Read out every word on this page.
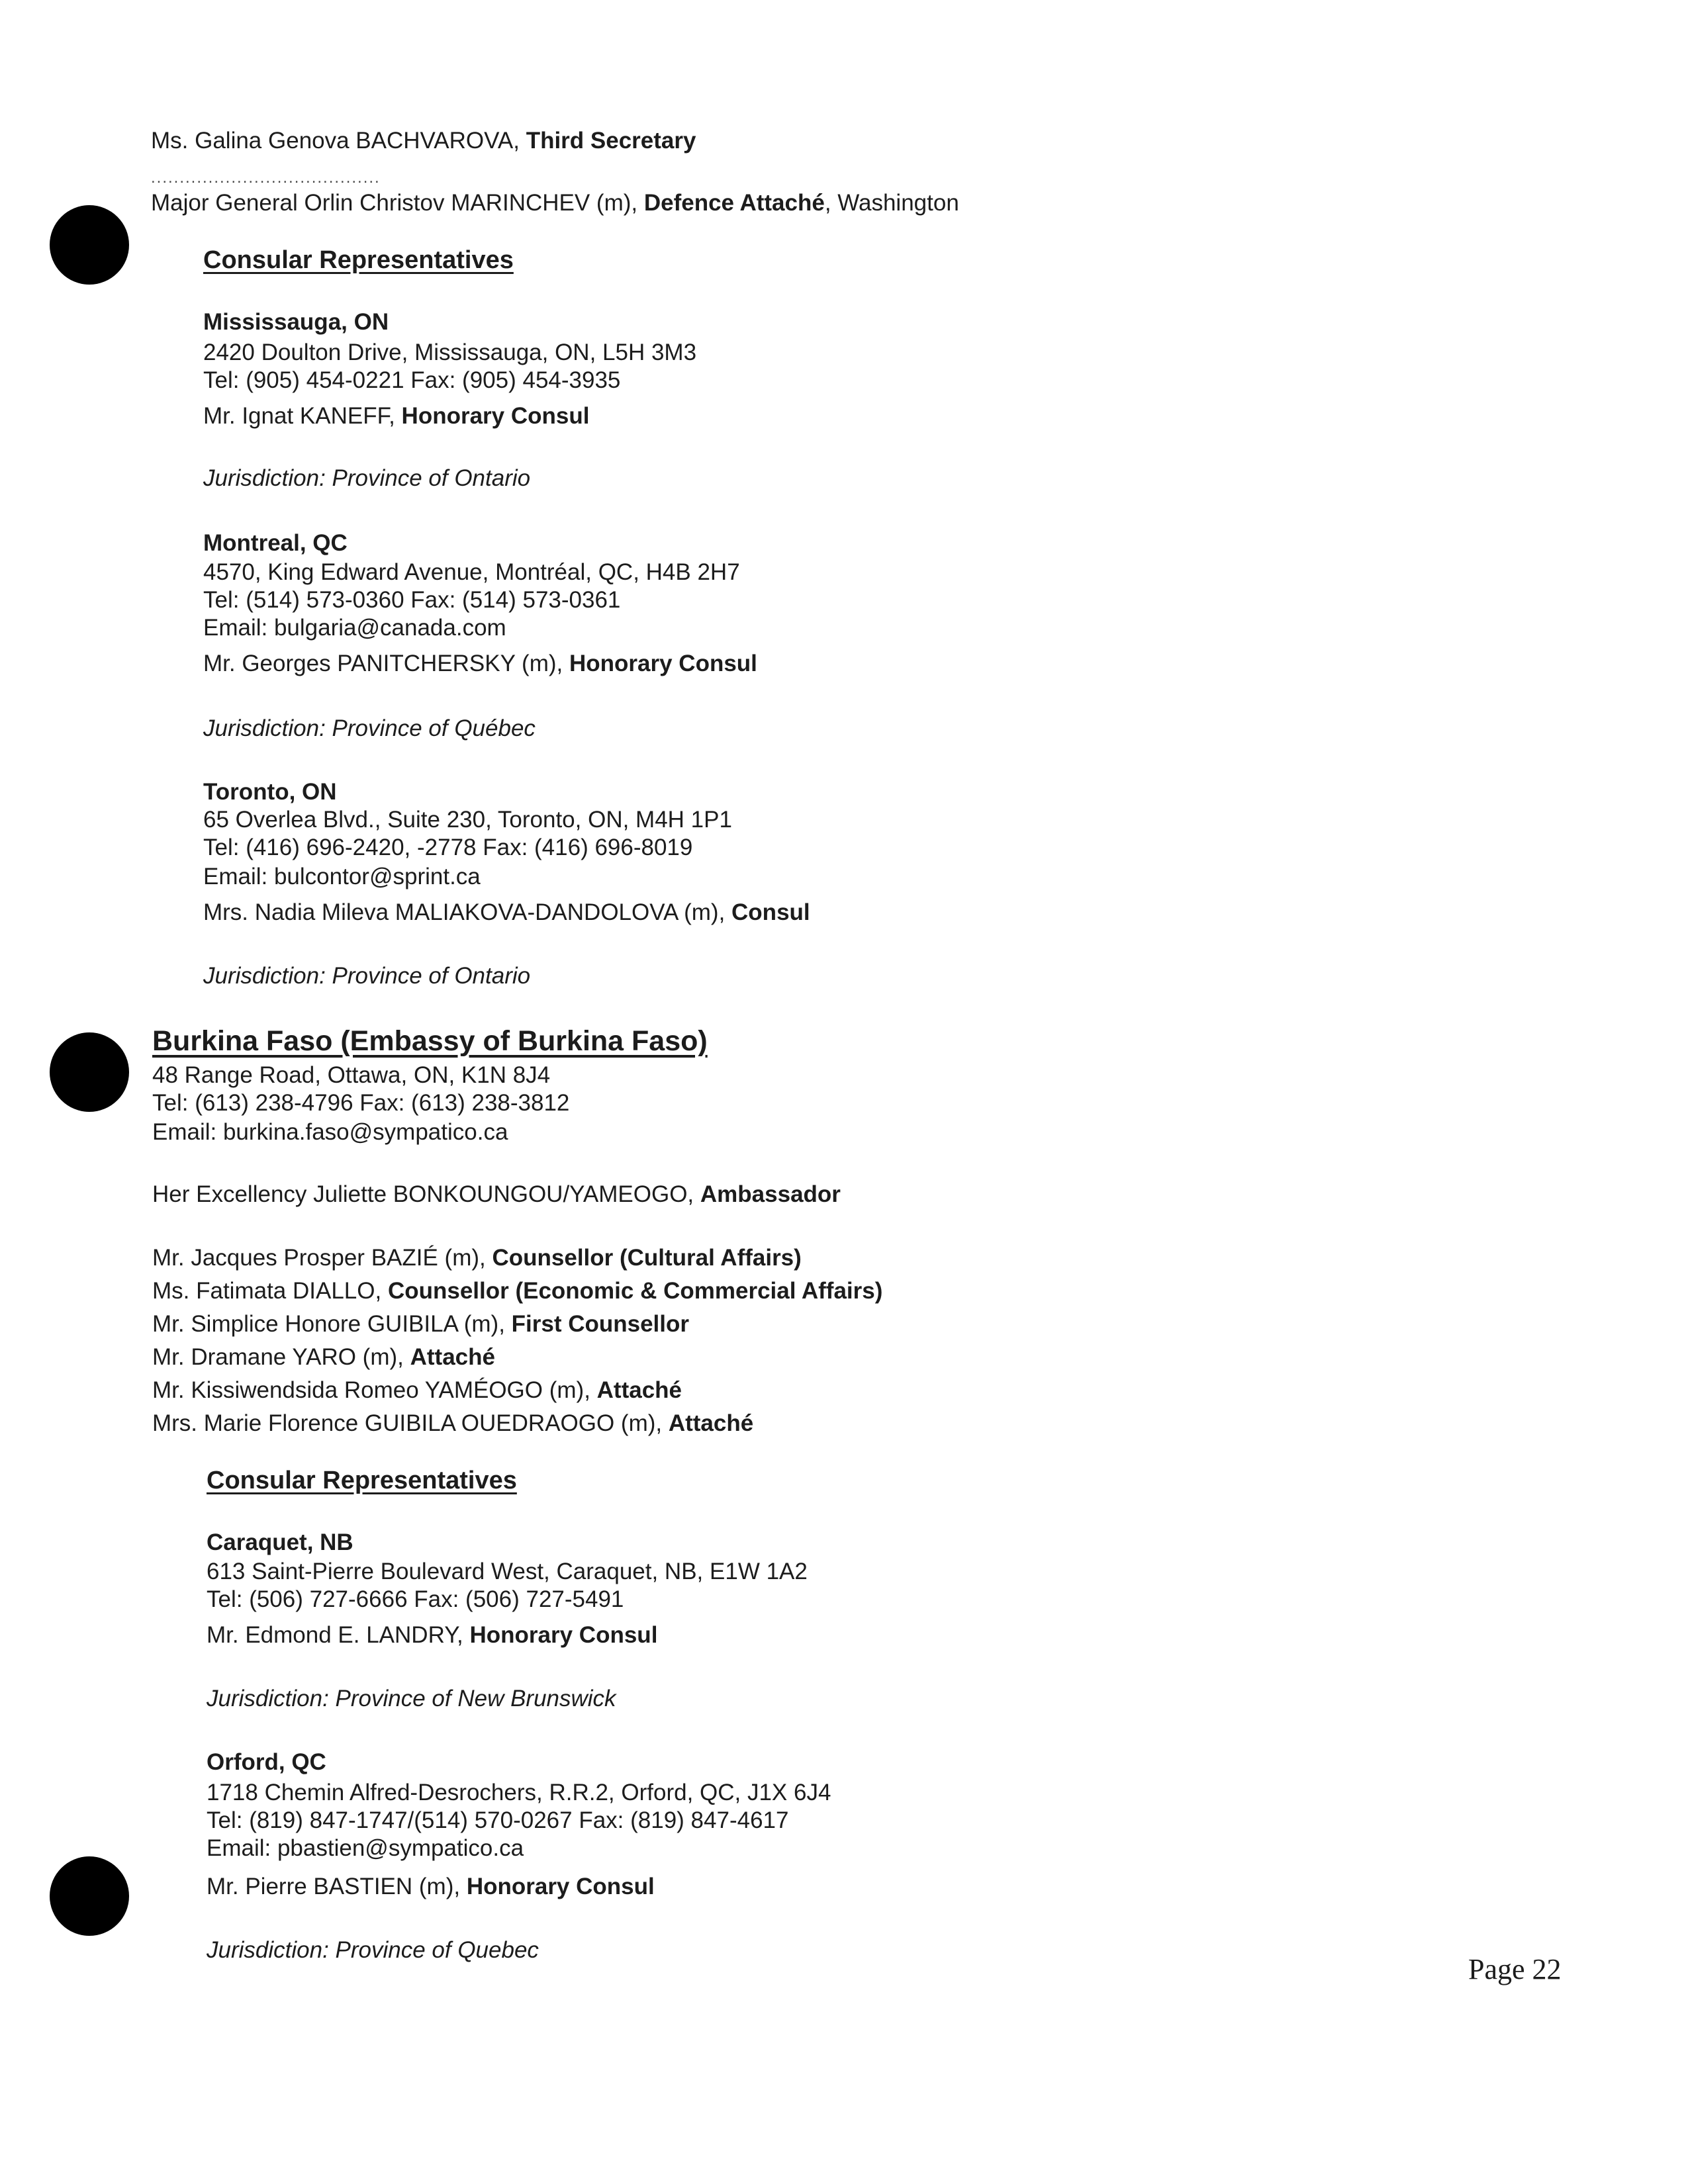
Ms. Galina Genova BACHVAROVA, Third Secretary
........................................
Major General Orlin Christov MARINCHEV (m), Defence Attaché, Washington
Consular Representatives
Mississauga, ON
2420 Doulton Drive, Mississauga, ON, L5H 3M3
Tel: (905) 454-0221 Fax: (905) 454-3935
Mr. Ignat KANEFF, Honorary Consul
Jurisdiction: Province of Ontario
Montreal, QC
4570, King Edward Avenue, Montréal, QC, H4B 2H7
Tel: (514) 573-0360 Fax: (514) 573-0361
Email: bulgaria@canada.com
Mr. Georges PANITCHERSKY (m), Honorary Consul
Jurisdiction: Province of Québec
Toronto, ON
65 Overlea Blvd., Suite 230, Toronto, ON, M4H 1P1
Tel: (416) 696-2420, -2778 Fax: (416) 696-8019
Email: bulcontor@sprint.ca
Mrs. Nadia Mileva MALIAKOVA-DANDOLOVA (m), Consul
Jurisdiction: Province of Ontario
Burkina Faso (Embassy of Burkina Faso)
48 Range Road, Ottawa, ON, K1N 8J4
Tel: (613) 238-4796 Fax: (613) 238-3812
Email: burkina.faso@sympatico.ca
Her Excellency Juliette BONKOUNGOU/YAMEOGO, Ambassador
Mr. Jacques Prosper BAZIÉ (m), Counsellor (Cultural Affairs)
Ms. Fatimata DIALLO, Counsellor (Economic & Commercial Affairs)
Mr. Simplice Honore GUIBILA (m), First Counsellor
Mr. Dramane YARO (m), Attaché
Mr. Kissiwendsida Romeo YAMÉOGO (m), Attaché
Mrs. Marie Florence GUIBILA OUEDRAOGO (m), Attaché
Consular Representatives
Caraquet, NB
613 Saint-Pierre Boulevard West, Caraquet, NB, E1W 1A2
Tel: (506) 727-6666 Fax: (506) 727-5491
Mr. Edmond E. LANDRY, Honorary Consul
Jurisdiction: Province of New Brunswick
Orford, QC
1718 Chemin Alfred-Desrochers, R.R.2, Orford, QC, J1X 6J4
Tel: (819) 847-1747/(514) 570-0267 Fax: (819) 847-4617
Email: pbastien@sympatico.ca
Mr. Pierre BASTIEN (m), Honorary Consul
Jurisdiction: Province of Quebec
Page 22
